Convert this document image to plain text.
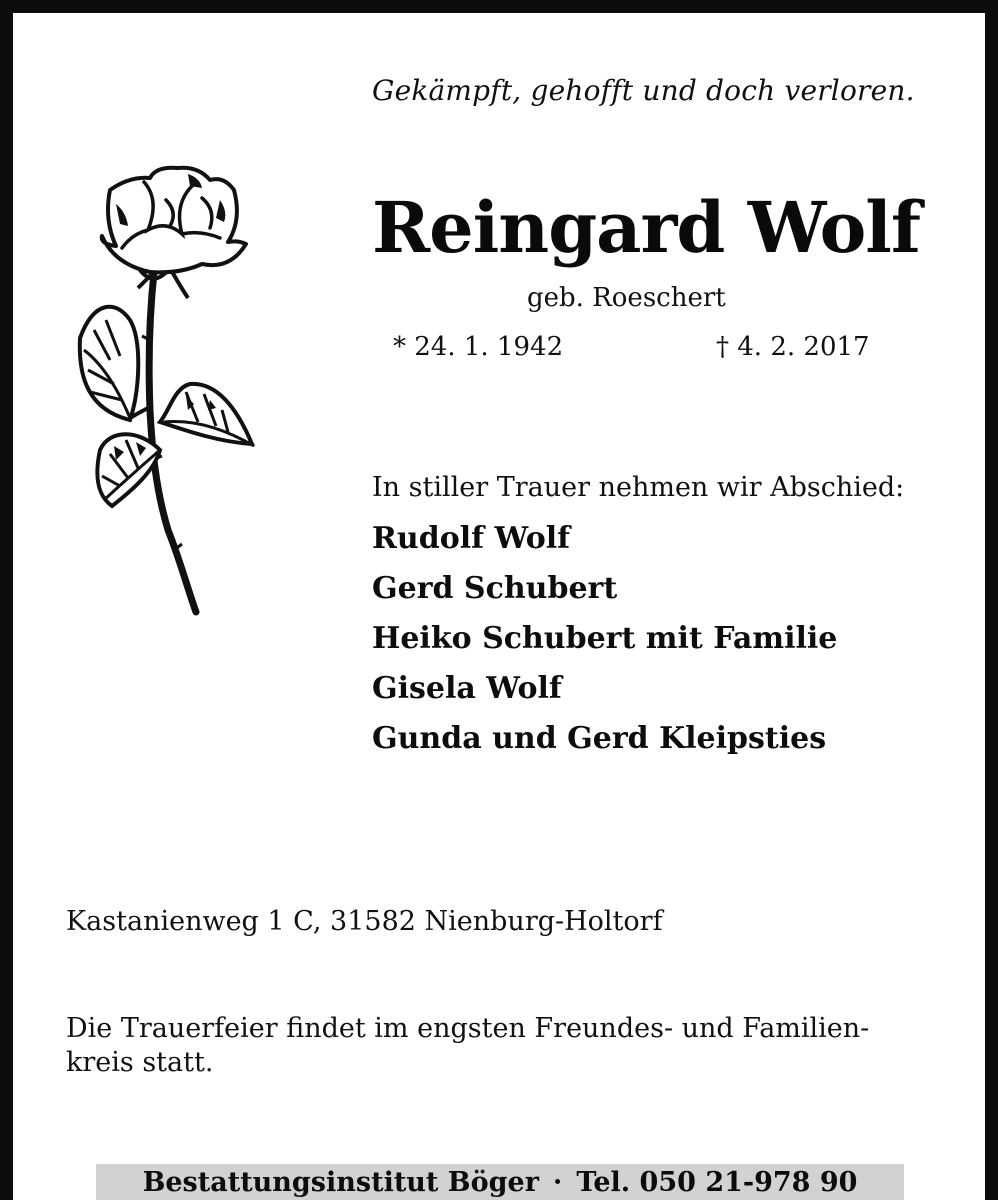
Gekämpft, gehofft und doch verloren.
Reingard Wolf
geb. Roeschert
* 24. 1. 1942	† 4. 2. 2017
In stiller Trauer nehmen wir Abschied:
Rudolf Wolf
Gerd Schubert
Heiko Schubert mit Familie
Gisela Wolf
Gunda und Gerd Kleipsties
Kastanienweg 1 C, 31582 Nienburg-Holtorf
Die Trauerfeier findet im engsten Freundes- und Familien-
kreis statt.
Bestattungsinstitut Böger · Tel. 050 21-978 90
